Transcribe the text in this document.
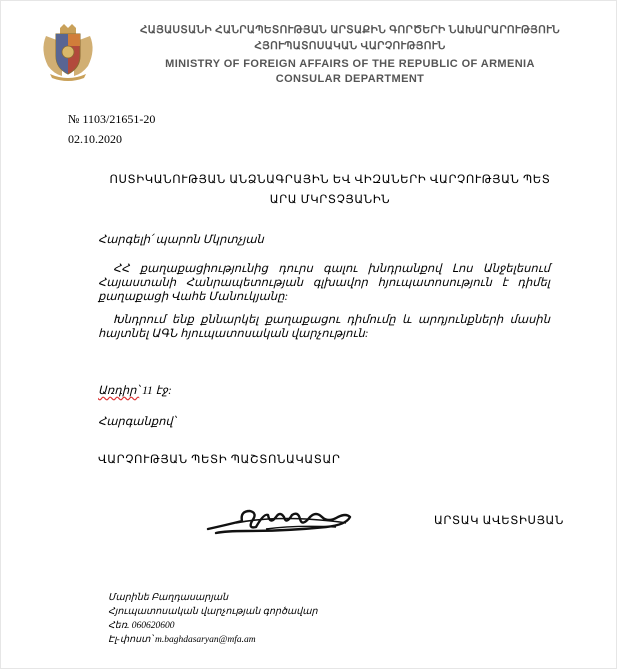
ՀԱՅԱՍՏԱՆԻ ՀԱՆՐԱՊԵՏՈՒԹՅԱՆ ԱՐՏԱՔԻՆ ԳՈՐԾԵՐԻ ՆԱԽԱՐԱՐՈՒԹՅՈՒՆ
ՀՅՈՒՊԱՏՈՍԱԿԱՆ ՎԱՐՉՈՒԹՅՈՒՆ
MINISTRY OF FOREIGN AFFAIRS OF THE REPUBLIC OF ARMENIA
CONSULAR DEPARTMENT
№ 1103/21651-20
02.10.2020
ՈՍՏԻԿԱՆՈՒԹՅԱՆ ԱՆՁՆԱԳՐԱՅԻՆ ԵՎ ՎԻԶԱՆԵՐԻ ՎԱՐՉՈՒԹՅԱՆ ՊԵՏ
ԱՐԱ ՄԿՐՏՉՅԱՆԻՆ
Հարգելի՛ պարոն Մկրտչյան
ՀՀ քաղաքացիությունից դուրս գալու խնդրանքով Լոս Անջելեսում Հայաստանի Հանրապետության գլխավոր հյուպատոսություն է դիմել քաղաքացի Վահե Մանուկյանը:
Խնդրում ենք քննարկել քաղաքացու դիմումը և արդյունքների մասին հայտնել ԱԳՆ հյուպատոսական վարչություն:
Առդիր՝ 11 էջ:
Հարգանքով՝
ՎԱՐՉՈՒԹՅԱՆ ՊԵՏԻ ՊԱՇՏՈՆԱԿԱՏԱՐ
ԱՐՏԱԿ ԱՎԵՏԻՍՅԱՆ
Մարինե Բաղդասարյան
Հյուպատոսական վարչության գործավար
Հեռ. 060620600
Էլ-փոստ՝ m.baghdasaryan@mfa.am
